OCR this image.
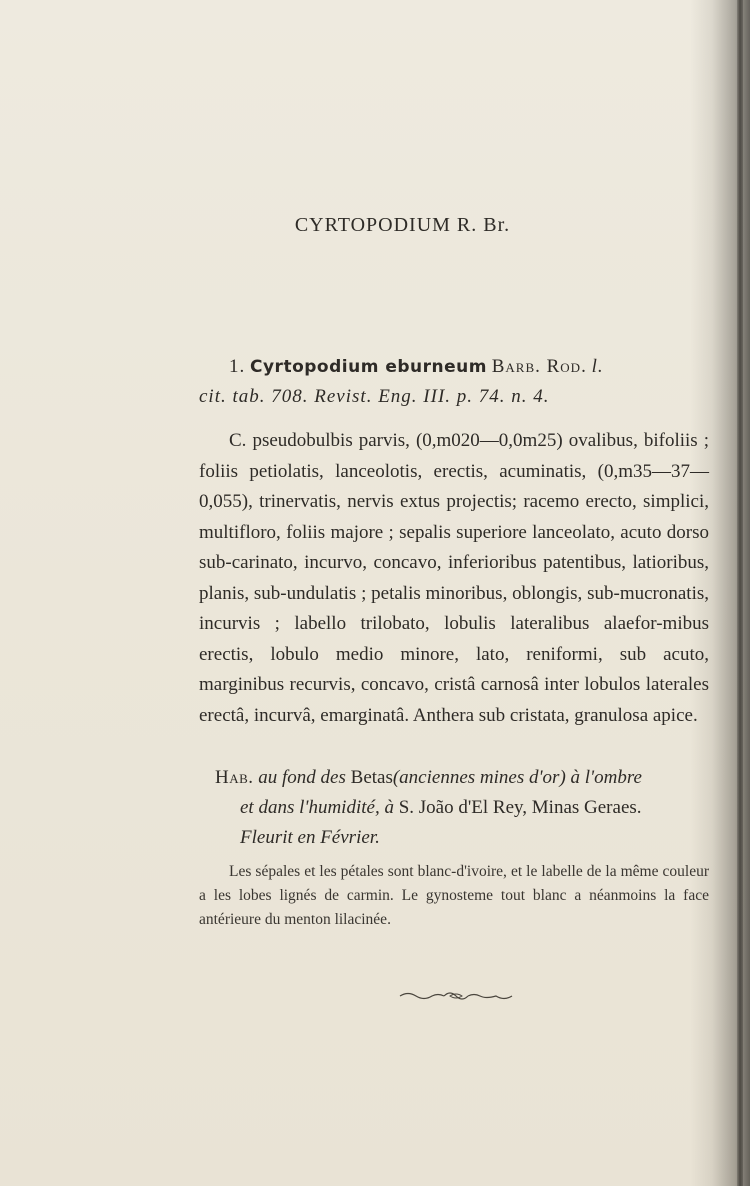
CYRTOPODIUM R. Br.
1. Cyrtopodium eburneum Barb. Rod. l.
cit. tab. 708. Revist. Eng. III. p. 74. n. 4.
C. pseudobulbis parvis, (0,m020—0,0m25) ovalibus, bifoliis ; foliis petiolatis, lanceolotis, erectis, acuminatis, (0,m35—37—0,055), trinervatis, nervis extus projectis; racemo erecto, simplici, multifloro, foliis majore ; sepalis superiore lanceolato, acuto dorso sub-carinato, incurvo, concavo, inferioribus patentibus, latioribus, planis, sub-undulatis ; petalis minoribus, oblongis, sub-mucronatis, incurvis ; labello trilobato, lobulis lateralibus alaefor-mibus erectis, lobulo medio minore, lato, reniformi, sub acuto, marginibus recurvis, concavo, cristâ carnosâ inter lobulos laterales erectâ, incurvâ, emarginatâ. Anthera sub cristata, granulosa apice.
Hab. au fond des Betas(anciennes mines d'or) à l'ombre
et dans l'humidité, à S. João d'El Rey, Minas Geraes.
Fleurit en Février.
Les sépales et les pétales sont blanc-d'ivoire, et le labelle de la même couleur a les lobes lignés de carmin. Le gynosteme tout blanc a néanmoins la face antérieure du menton lilacinée.
